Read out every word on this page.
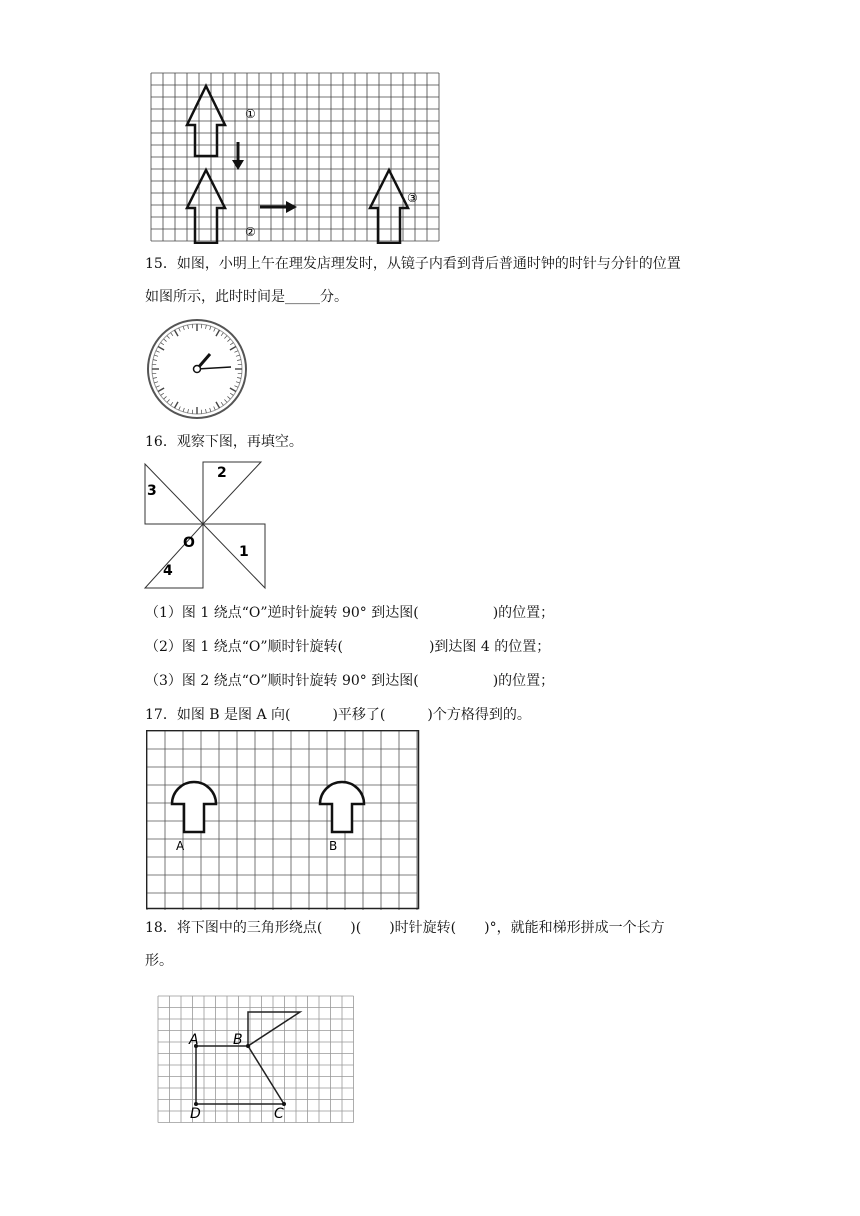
①
②
③
15．如图，小明上午在理发店理发时，从镜子内看到背后普通时钟的时针与分针的位置
如图所示，此时时间是_____分。
16．观察下图，再填空。
2
3
1
4
O
（1）图 1 绕点“O”逆时针旋转 90° 到达图(	)的位置；
（2）图 1 绕点“O”顺时针旋转(	)到达图 4 的位置；
（3）图 2 绕点“O”顺时针旋转 90° 到达图(	)的位置；
17．如图 B 是图 A 向(　　　)平移了(　　　)个方格得到的。
A	B
18．将下图中的三角形绕点(　　)(　　)时针旋转(　　)°，就能和梯形拼成一个长方
形。
A B
C
D
